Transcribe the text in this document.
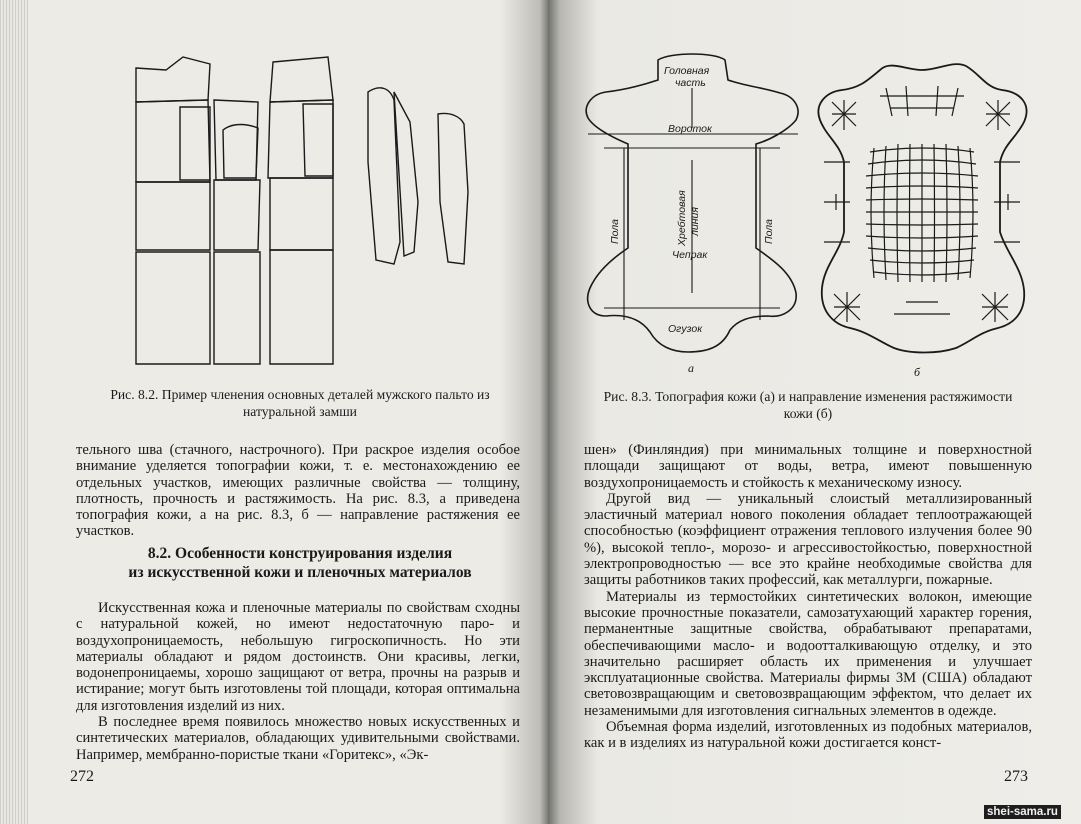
Рис. 8.2. Пример членения основных деталей мужского пальто из натуральной замши

тельного шва (стачного, настрочного). При раскрое изделия особое внимание уделяется топографии кожи, т. е. местонахождению ее отдельных участков, имеющих различные свойства — толщину, плотность, прочность и растяжимость. На рис. 8.3, а приведена топография кожи, а на рис. 8.3, б — направление растяжения ее участков.

8.2. Особенности конструирования изделия
из искусственной кожи и пленочных материалов

Искусственная кожа и пленочные материалы по свойствам сходны с натуральной кожей, но имеют недостаточную паро- и воздухопроницаемость, небольшую гигроскопичность. Но эти материалы обладают и рядом достоинств. Они красивы, легки, водонепроницаемы, хорошо защищают от ветра, прочны на разрыв и истирание; могут быть изготовлены той площади, которая оптимальна для изготовления изделий из них.

В последнее время появилось множество новых искусственных и синтетических материалов, обладающих удивительными свойствами. Например, мембранно-пористые ткани «Горитекс», «Эк-

272
Головная
часть
Вороток
Хребтовая линия
Пола	Пола
Чепрак
Огузок
а	б
Рис. 8.3. Топография кожи (а) и направление изменения растяжимости кожи (б)

шен» (Финляндия) при минимальных толщине и поверхностной площади защищают от воды, ветра, имеют повышенную воздухопроницаемость и стойкость к механическому износу.

Другой вид — уникальный слоистый металлизированный эластичный материал нового поколения обладает теплоотражающей способностью (коэффициент отражения теплового излучения более 90 %), высокой тепло-, морозо- и агрессивостойкостью, поверхностной электропроводностью — все это крайне необходимые свойства для защиты работников таких профессий, как металлурги, пожарные.

Материалы из термостойких синтетических волокон, имеющие высокие прочностные показатели, самозатухающий характер горения, перманентные защитные свойства, обрабатывают препаратами, обеспечивающими масло- и водоотталкивающую отделку, и это значительно расширяет область их применения и улучшает эксплуатационные свойства. Материалы фирмы 3М (США) обладают световозвращающим и световозвращающим эффектом, что делает их незаменимыми для изготовления сигнальных элементов в одежде.

Объемная форма изделий, изготовленных из подобных материалов, как и в изделиях из натуральной кожи достигается конст-

273
shei-sama.ru
